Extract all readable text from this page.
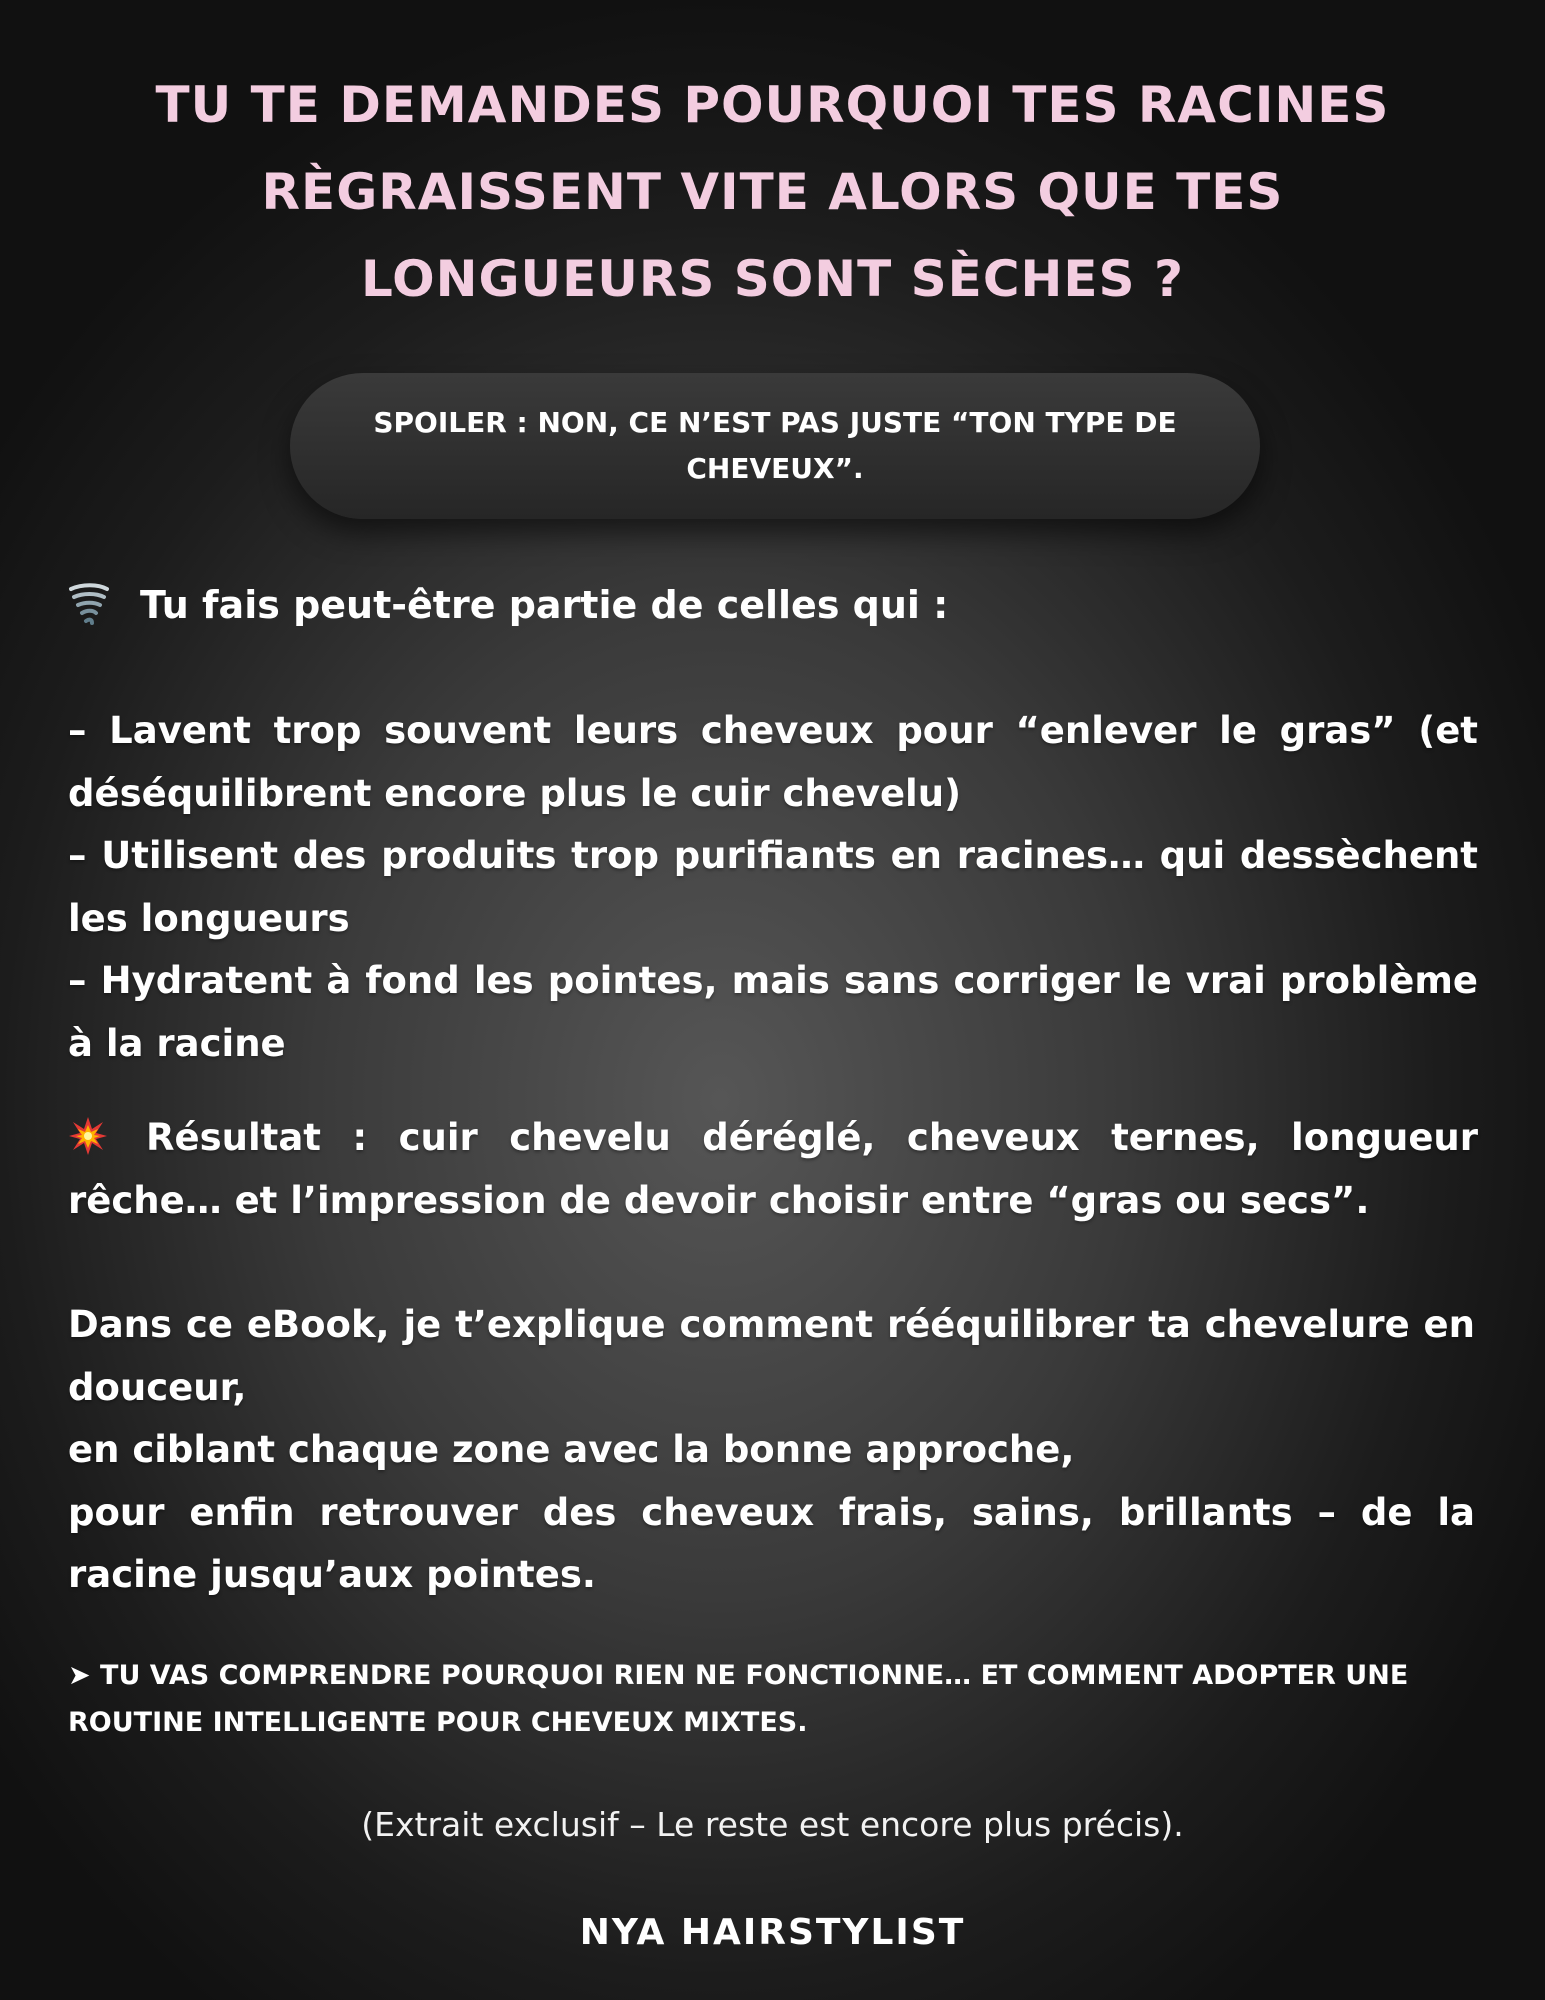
TU TE DEMANDES POURQUOI TES RACINES
RÈGRAISSENT VITE ALORS QUE TES
LONGUEURS SONT SÈCHES ?
SPOILER : NON, CE N’EST PAS JUSTE “TON TYPE DE CHEVEUX”.
Tu fais peut-être partie de celles qui :

– Lavent trop souvent leurs cheveux pour “enlever le gras” (et déséquilibrent encore plus le cuir chevelu)

– Utilisent des produits trop purifiants en racines… qui dessèchent les longueurs

– Hydratent à fond les pointes, mais sans corriger le vrai problème à la racine

Résultat : cuir chevelu déréglé, cheveux ternes, longueur rêche… et l’impression de devoir choisir entre “gras ou secs”.

Dans ce eBook, je t’explique comment rééquilibrer ta chevelure en douceur,

en ciblant chaque zone avec la bonne approche,

pour enfin retrouver des cheveux frais, sains, brillants – de la racine jusqu’aux pointes.

➤ TU VAS COMPRENDRE POURQUOI RIEN NE FONCTIONNE… ET COMMENT ADOPTER UNE ROUTINE INTELLIGENTE POUR CHEVEUX MIXTES.
(Extrait exclusif – Le reste est encore plus précis).
NYA HAIRSTYLIST
